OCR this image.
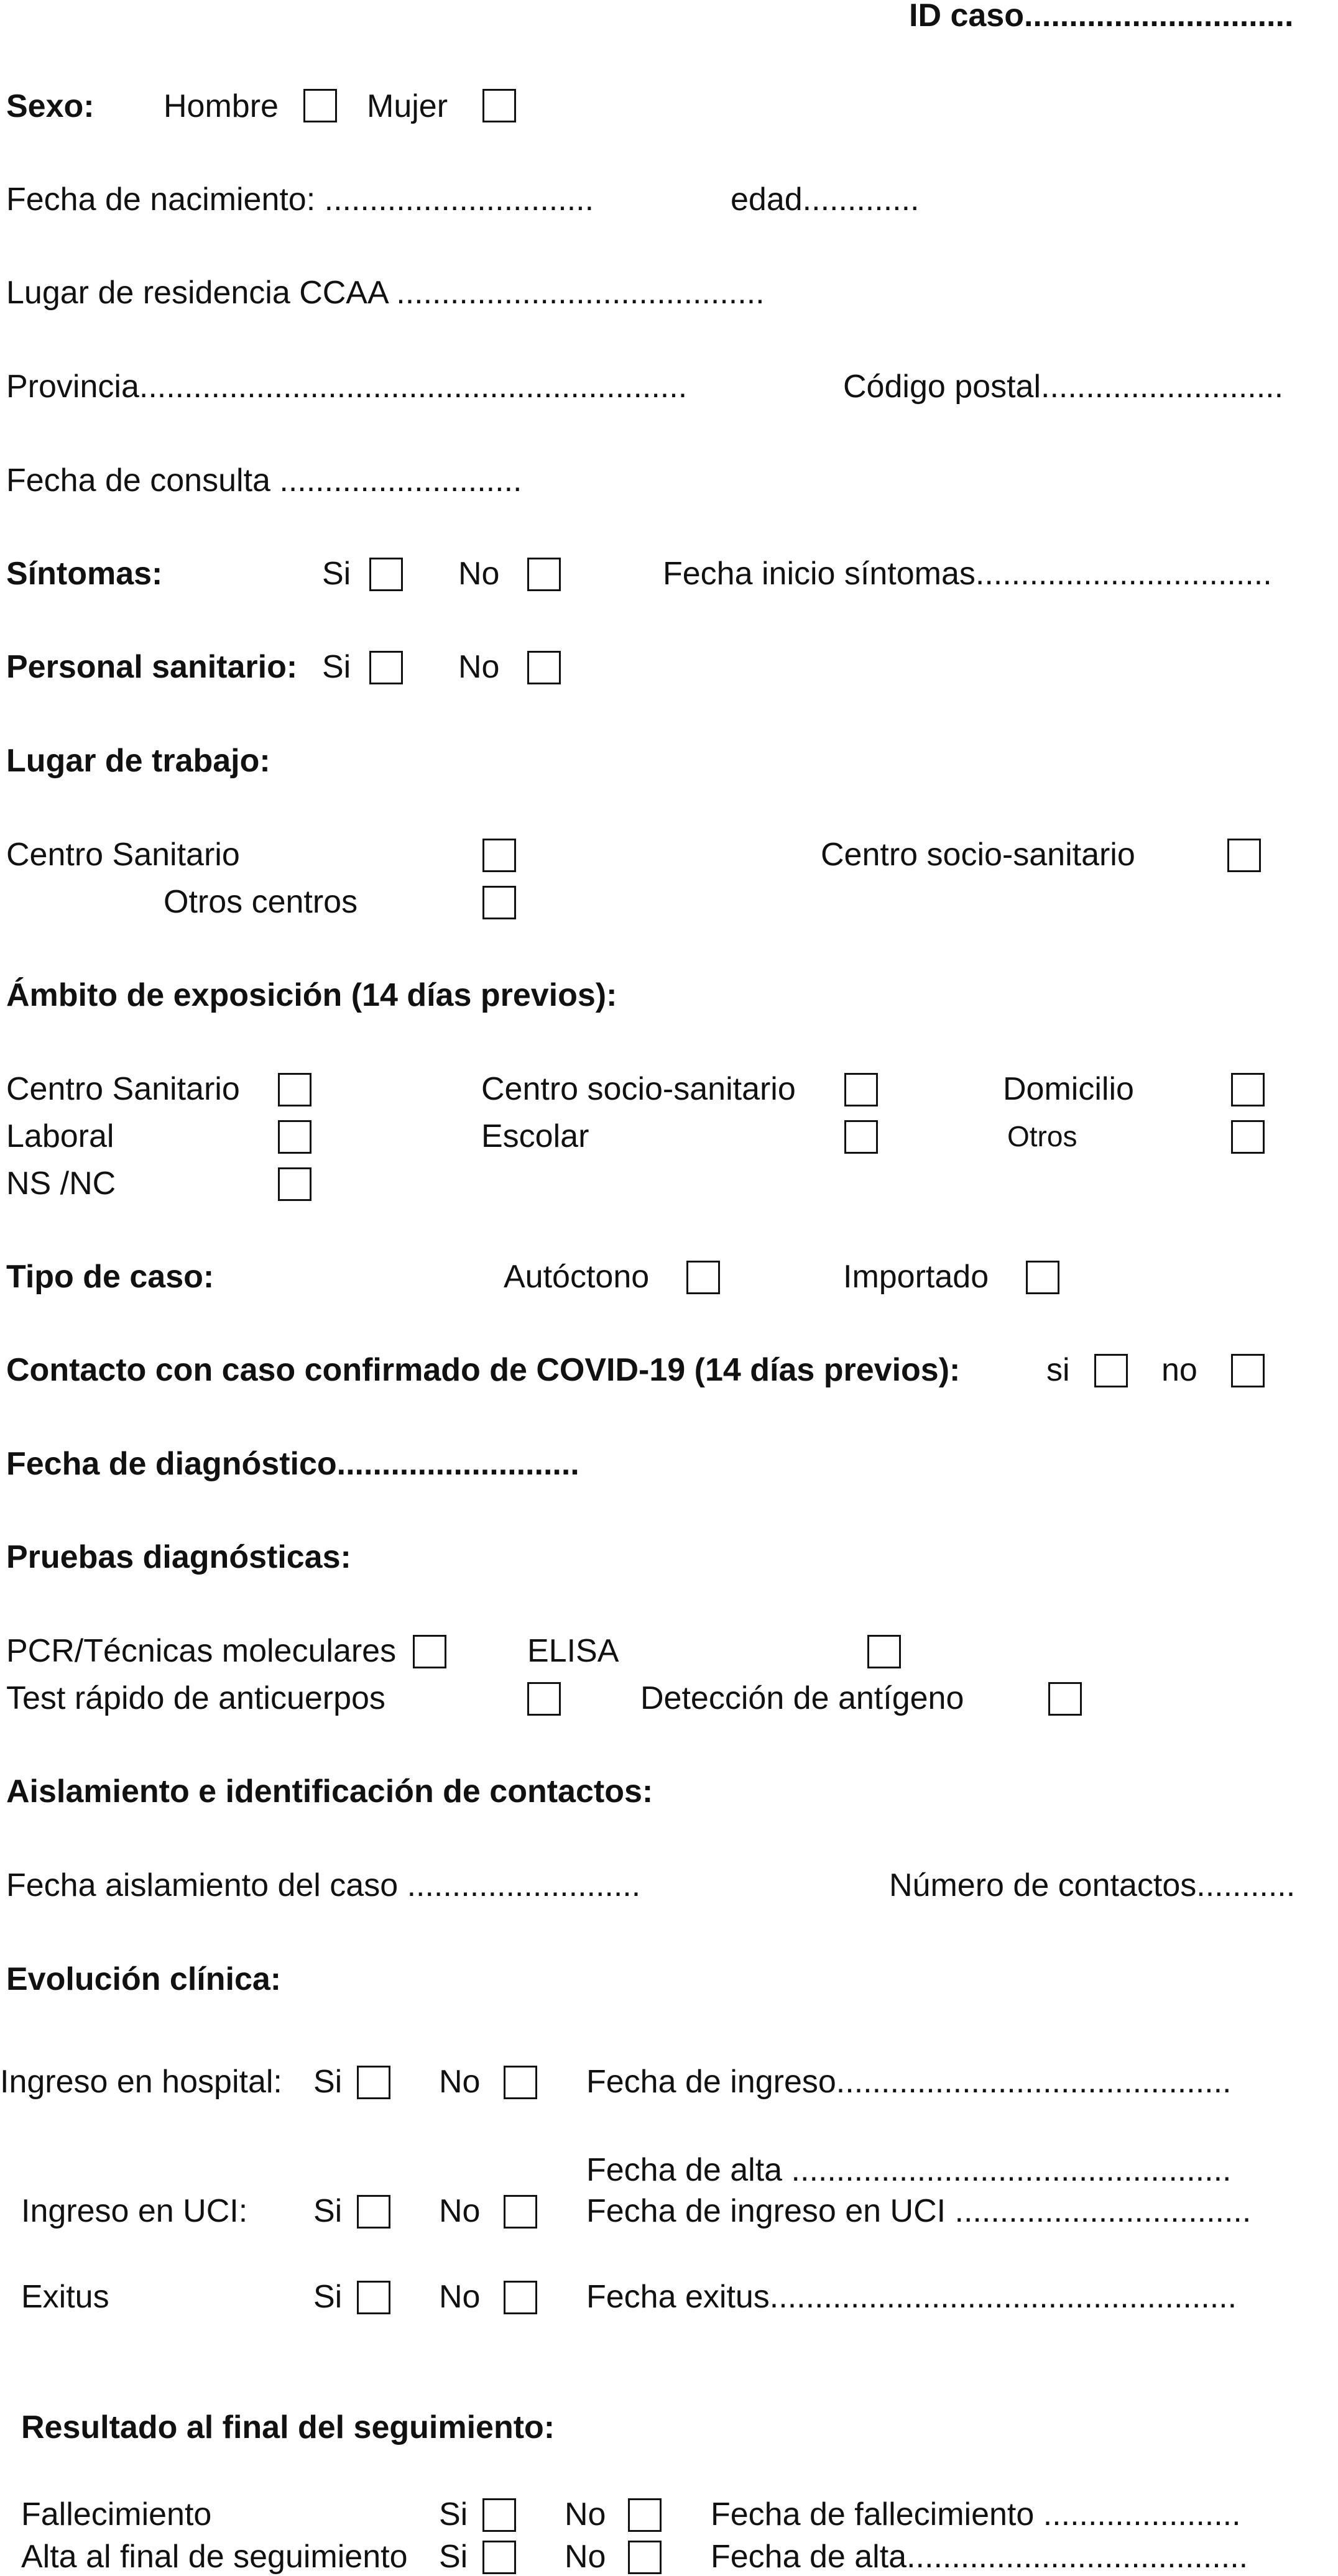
ID caso..............................
Sexo: Hombre	Mujer
Fecha de nacimiento: ..............................	edad.............
Lugar de residencia CCAA .........................................
Provincia.............................................................	Código postal...........................
Fecha de consulta ...........................
Síntomas:	Si	No	Fecha inicio síntomas.................................
Personal sanitario: Si	No
Lugar de trabajo:
Centro Sanitario	Centro socio-sanitario
Otros centros
Ámbito de exposición (14 días previos):
Centro Sanitario	Centro socio-sanitario	Domicilio
Laboral	Escolar	Otros
NS /NC
Tipo de caso:	Autóctono	Importado
Contacto con caso confirmado de COVID-19 (14 días previos):	si	no
Fecha de diagnóstico...........................
Pruebas diagnósticas:
PCR/Técnicas moleculares	ELISA
Test rápido de anticuerpos	Detección de antígeno
Aislamiento e identificación de contactos:
Fecha aislamiento del caso ..........................	Número de contactos...........
Evolución clínica:
Ingreso en hospital: Si	No	Fecha de ingreso............................................
Fecha de alta .................................................
Ingreso en UCI: Si	No	Fecha de ingreso en UCI .................................
Exitus	Si	No	Fecha exitus....................................................
Resultado al final del seguimiento:
Fallecimiento	Si	No	Fecha de fallecimiento ......................
Alta al final de seguimiento Si	No	Fecha de alta......................................
